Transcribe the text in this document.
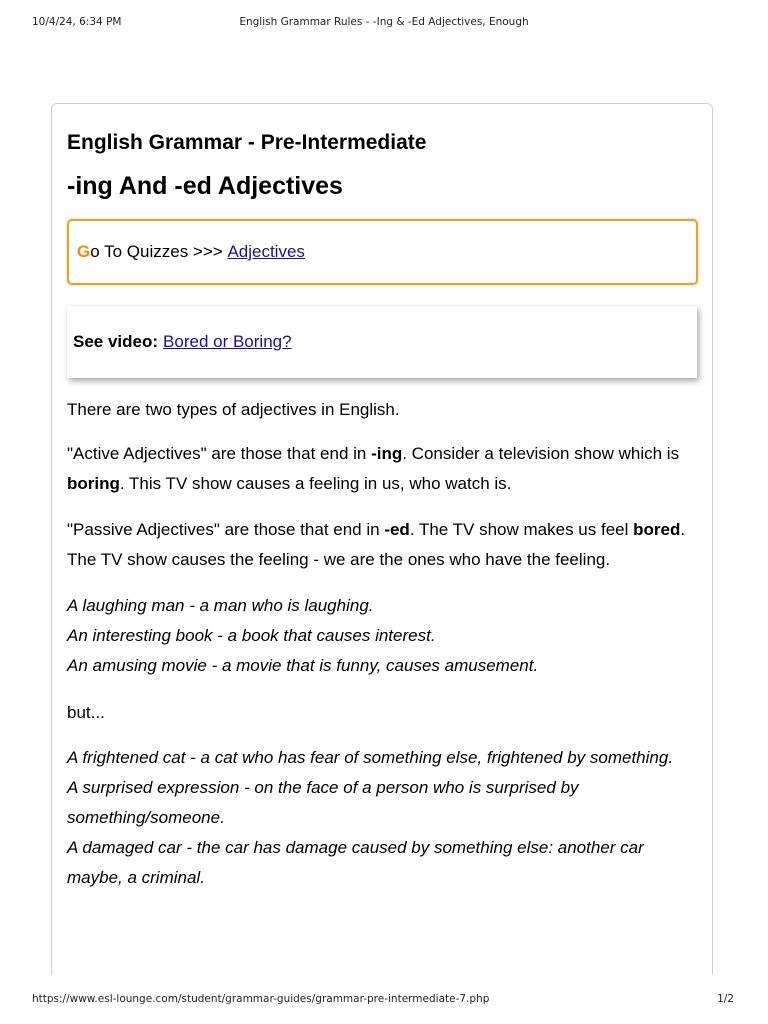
10/4/24, 6:34 PM	English Grammar Rules - -Ing & -Ed Adjectives, Enough
English Grammar - Pre-Intermediate
-ing And -ed Adjectives
G o To Quizzes >>>
Adjectives
See video: Bored or Boring?

There are two types of adjectives in English.

"Active Adjectives" are those that end in -ing. Consider a television show which is boring. This TV show causes a feeling in us, who watch is.

"Passive Adjectives" are those that end in -ed. The TV show makes us feel bored. The TV show causes the feeling - we are the ones who have the feeling.

A laughing man - a man who is laughing.
An interesting book - a book that causes interest.
An amusing movie - a movie that is funny, causes amusement.

but...

A frightened cat - a cat who has fear of something else, frightened by something.
A surprised expression - on the face of a person who is surprised by something/someone.
A damaged car - the car has damage caused by something else: another car maybe, a criminal.
https://www.esl-lounge.com/student/grammar-guides/grammar-pre-intermediate-7.php	1/2
